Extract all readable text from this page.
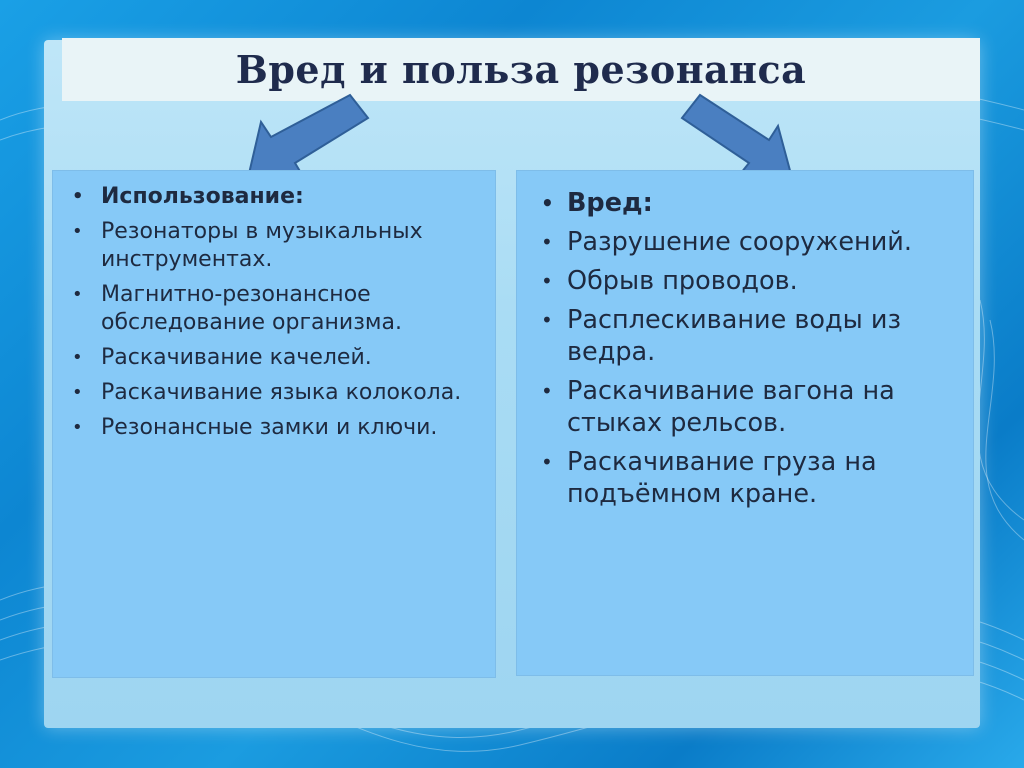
Вред и польза резонанса
• Использование:
• Резонаторы в музыкальных инструментах.
• Магнитно-резонансное обследование организма.
• Раскачивание качелей.
• Раскачивание языка колокола.
• Резонансные замки и ключи.
• Вред:
• Разрушение сооружений.
• Обрыв проводов.
• Расплескивание воды из ведра.
• Раскачивание вагона на стыках рельсов.
• Раскачивание груза на подъёмном кране.
